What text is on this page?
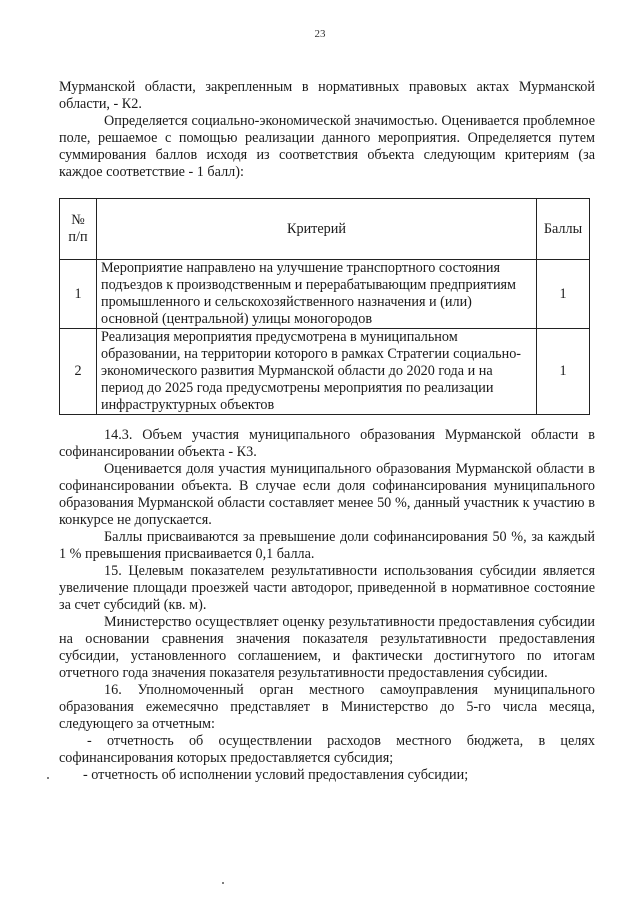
23

Мурманской области, закрепленным в нормативных правовых актах Мурманской области, - К2.

Определяется социально-экономической значимостью. Оценивается проблемное поле, решаемое с помощью реализации данного мероприятия. Определяется путем суммирования баллов исходя из соответствия объекта следующим критериям (за каждое соответствие - 1 балл):

№ п/п	Критерий	Баллы
1	Мероприятие направлено на улучшение транспортного состояния подъездов к производственным и перерабатывающим предприятиям промышленного и сельскохозяйственного назначения и (или) основной (центральной) улицы моногородов	1
2	Реализация мероприятия предусмотрена в муниципальном образовании, на территории которого в рамках Стратегии социально-экономического развития Мурманской области до 2020 года и на период до 2025 года предусмотрены мероприятия по реализации инфраструктурных объектов	1

14.3. Объем участия муниципального образования Мурманской области в софинансировании объекта - К3.

Оценивается доля участия муниципального образования Мурманской области в софинансировании объекта. В случае если доля софинансирования муниципального образования Мурманской области составляет менее 50 %, данный участник к участию в конкурсе не допускается.

Баллы присваиваются за превышение доли софинансирования 50 %, за каждый 1 % превышения присваивается 0,1 балла.

15. Целевым показателем результативности использования субсидии является увеличение площади проезжей части автодорог, приведенной в нормативное состояние за счет субсидий (кв. м).

Министерство осуществляет оценку результативности предоставления субсидии на основании сравнения значения показателя результативности предоставления субсидии, установленного соглашением, и фактически достигнутого по итогам отчетного года значения показателя результативности предоставления субсидии.

16. Уполномоченный орган местного самоуправления муниципального образования ежемесячно представляет в Министерство до 5-го числа месяца, следующего за отчетным:

- отчетность об осуществлении расходов местного бюджета, в целях софинансирования которых предоставляется субсидия;

- отчетность об исполнении условий предоставления субсидии;
